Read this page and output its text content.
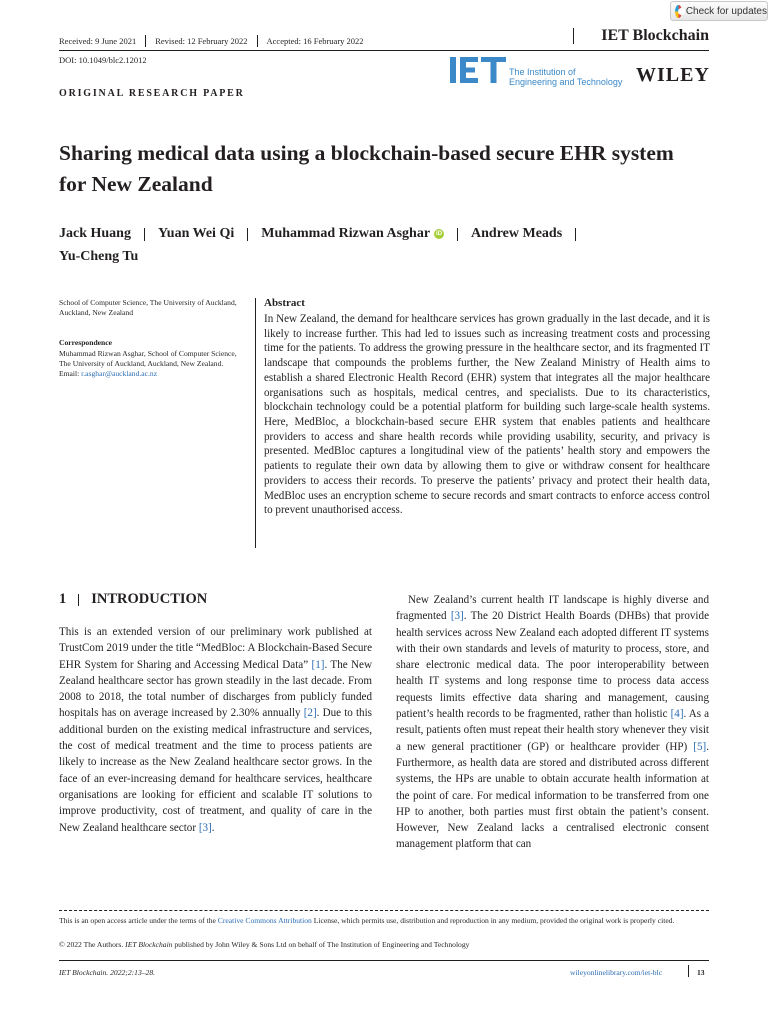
Check for updates
Received: 9 June 2021 Revised: 12 February 2022 Accepted: 16 February 2022	IET Blockchain
DOI: 10.1049/blc2.12012
The Institution of
Engineering and Technology WILEY
ORIGINAL RESEARCH PAPER
Sharing medical data using a blockchain-based secure EHR system for New Zealand
Jack Huang Yuan Wei Qi Muhammad Rizwan Asghar	iD Andrew Meads
Yu-Cheng Tu
School of Computer Science, The University of Auckland, Auckland, New Zealand
Correspondence
Muhammad Rizwan Asghar, School of Computer Science, The University of Auckland, Auckland, New Zealand.
Email: r.asghar@auckland.ac.nz
Abstract
In New Zealand, the demand for healthcare services has grown gradually in the last decade, and it is likely to increase further. This had led to issues such as increasing treatment costs and processing time for the patients. To address the growing pressure in the healthcare sector, and its fragmented IT landscape that compounds the problems further, the New Zealand Ministry of Health aims to establish a shared Electronic Health Record (EHR) system that integrates all the major healthcare organisations such as hospitals, medical centres, and specialists. Due to its characteristics, blockchain technology could be a potential platform for building such large-scale health systems. Here, MedBloc, a blockchain-based secure EHR system that enables patients and healthcare providers to access and share health records while providing usability, security, and privacy is presented. MedBloc captures a longitudinal view of the patients’ health story and empowers the patients to regulate their own data by allowing them to give or withdraw consent for healthcare providers to access their records. To preserve the patients’ privacy and protect their health data, MedBloc uses an encryption scheme to secure records and smart contracts to enforce access control to prevent unauthorised access.
1 INTRODUCTION
This is an extended version of our preliminary work published at TrustCom 2019 under the title “MedBloc: A Blockchain-Based Secure EHR System for Sharing and Accessing Medical Data” [1]. The New Zealand healthcare sector has grown steadily in the last decade. From 2008 to 2018, the total number of discharges from publicly funded hospitals has on average increased by 2.30% annually [2]. Due to this additional burden on the existing medical infrastructure and services, the cost of medical treatment and the time to process patients are likely to increase as the New Zealand healthcare sector grows. In the face of an ever-increasing demand for healthcare services, healthcare organisations are looking for efficient and scalable IT solutions to improve productivity, cost of treatment, and quality of care in the New Zealand healthcare sector [3].

New Zealand’s current health IT landscape is highly diverse and fragmented [3]. The 20 District Health Boards (DHBs) that provide health services across New Zealand each adopted different IT systems with their own standards and levels of maturity to process, store, and share electronic medical data. The poor interoperability between health IT systems and long response time to process data access requests limits effective data sharing and management, causing patient’s health records to be fragmented, rather than holistic [4]. As a result, patients often must repeat their health story whenever they visit a new general practitioner (GP) or healthcare provider (HP) [5]. Furthermore, as health data are stored and distributed across different systems, the HPs are unable to obtain accurate health information at the point of care. For medical information to be transferred from one HP to another, both parties must first obtain the patient’s consent. However, New Zealand lacks a centralised electronic consent management platform that can

This is an open access article under the terms of the Creative Commons Attribution License, which permits use, distribution and reproduction in any medium, provided the original work is properly cited.
© 2022 The Authors. IET Blockchain published by John Wiley & Sons Ltd on behalf of The Institution of Engineering and Technology
IET Blockchain. 2022;2:13–28.	wileyonlinelibrary.com/iet-blc	13
